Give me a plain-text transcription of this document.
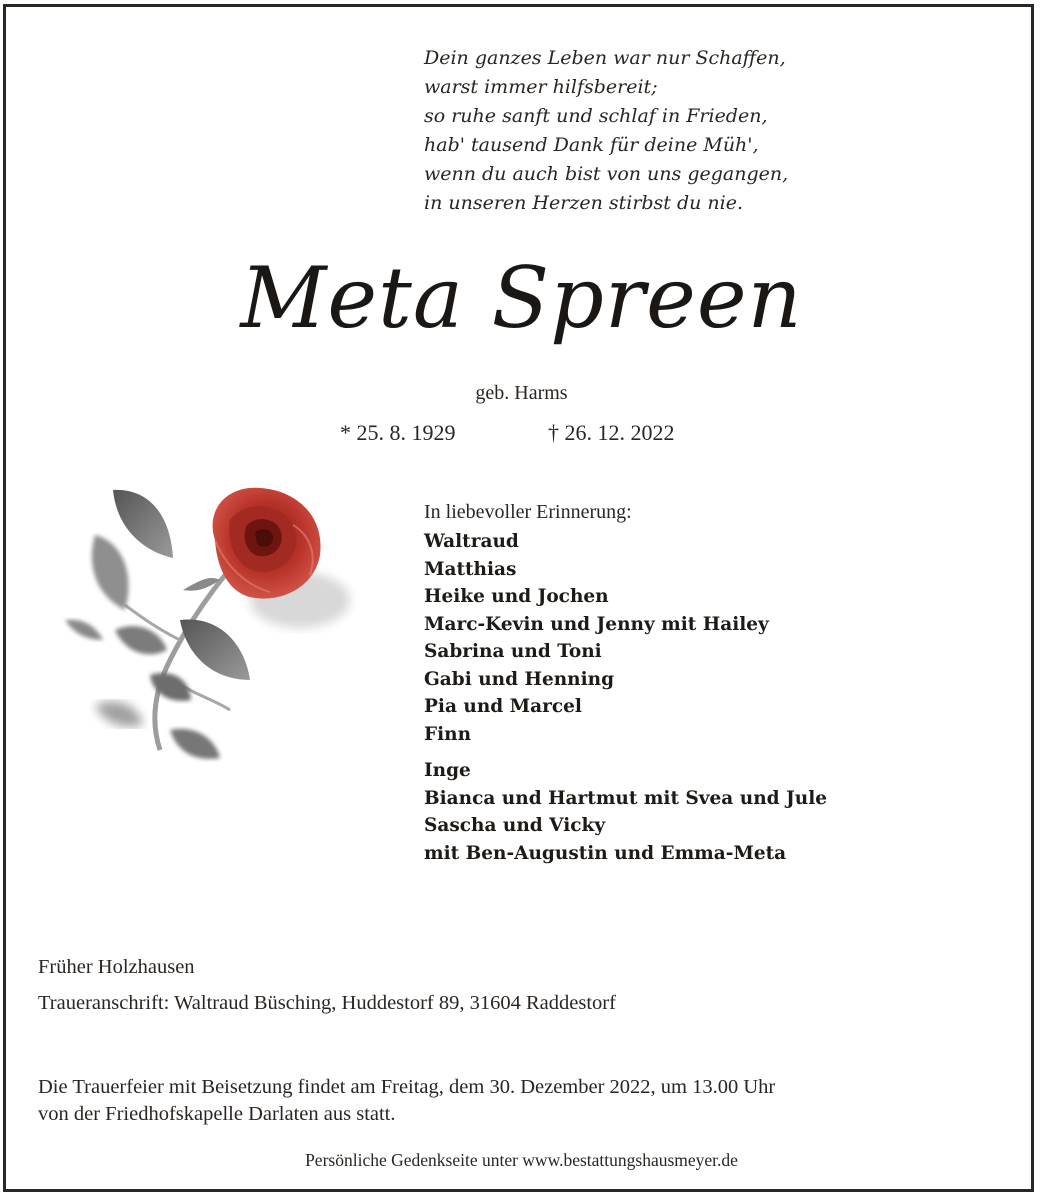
Dein ganzes Leben war nur Schaffen,
warst immer hilfsbereit;
so ruhe sanft und schlaf in Frieden,
hab' tausend Dank für deine Müh',
wenn du auch bist von uns gegangen,
in unseren Herzen stirbst du nie.
Meta Spreen
geb. Harms
* 25. 8. 1929	† 26. 12. 2022
In liebevoller Erinnerung:
Waltraud
Matthias
Heike und Jochen
Marc-Kevin und Jenny mit Hailey
Sabrina und Toni
Gabi und Henning
Pia und Marcel
Finn
Inge
Bianca und Hartmut mit Svea und Jule
Sascha und Vicky
mit Ben-Augustin und Emma-Meta
Früher Holzhausen
Traueranschrift: Waltraud Büsching, Huddestorf 89, 31604 Raddestorf
Die Trauerfeier mit Beisetzung findet am Freitag, dem 30. Dezember 2022, um 13.00 Uhr
von der Friedhofskapelle Darlaten aus statt.
Persönliche Gedenkseite unter www.bestattungshausmeyer.de
